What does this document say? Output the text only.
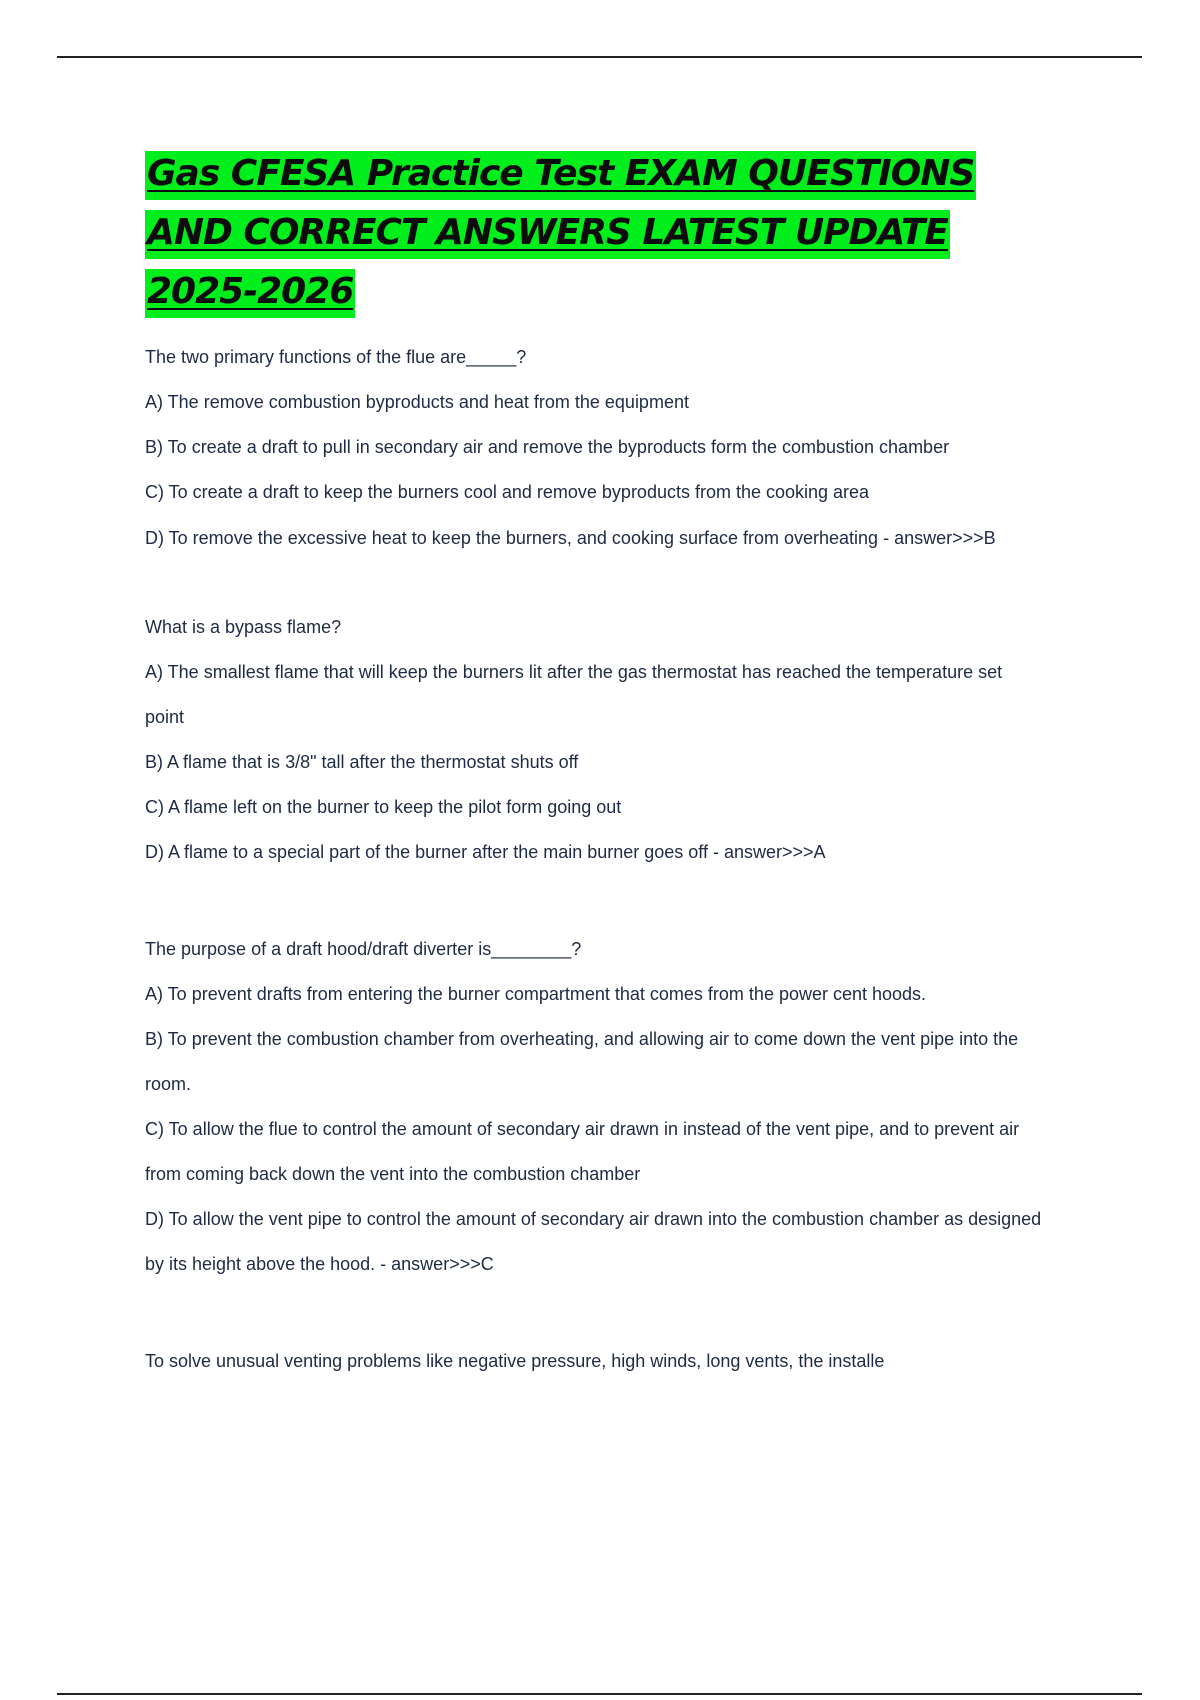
Gas CFESA Practice Test EXAM QUESTIONS AND CORRECT ANSWERS LATEST UPDATE 2025-2026

The two primary functions of the flue are_____?

A) The remove combustion byproducts and heat from the equipment

B) To create a draft to pull in secondary air and remove the byproducts form the combustion chamber

C) To create a draft to keep the burners cool and remove byproducts from the cooking area

D) To remove the excessive heat to keep the burners, and cooking surface from overheating - answer>>>B

What is a bypass flame?

A) The smallest flame that will keep the burners lit after the gas thermostat has reached the temperature set point

B) A flame that is 3/8" tall after the thermostat shuts off

C) A flame left on the burner to keep the pilot form going out

D) A flame to a special part of the burner after the main burner goes off - answer>>>A

The purpose of a draft hood/draft diverter is________?

A) To prevent drafts from entering the burner compartment that comes from the power cent hoods.

B) To prevent the combustion chamber from overheating, and allowing air to come down the vent pipe into the room.

C) To allow the flue to control the amount of secondary air drawn in instead of the vent pipe, and to prevent air from coming back down the vent into the combustion chamber

D) To allow the vent pipe to control the amount of secondary air drawn into the combustion chamber as designed by its height above the hood. - answer>>>C

To solve unusual venting problems like negative pressure, high winds, long vents, the installe
